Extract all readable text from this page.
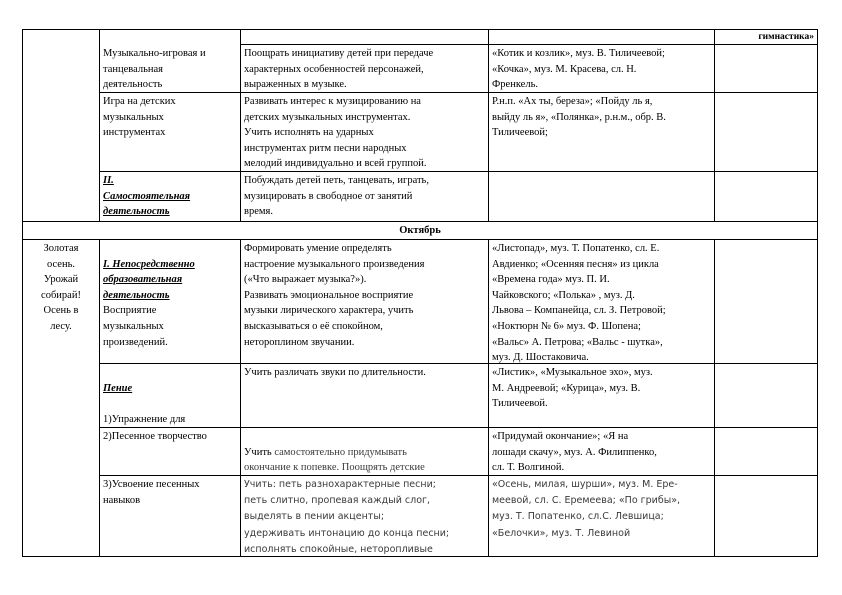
гимнастика»
Музыкально-игровая и
танцевальная
деятельность
Поощрать инициативу детей при передаче
характерных особенностей персонажей,
выраженных в музыке.
«Котик и козлик», муз. В. Тиличеевой;
«Кочка», муз. М. Красева, сл. Н.
Френкель.
Игра на детских
музыкальных
инструментах
Развивать интерес к музицированию на
детских музыкальных инструментах.
Учить исполнять на ударных
инструментах ритм песни народных
мелодий индивидуально и всей группой.
Р.н.п. «Ах ты, береза»; «Пойду ль я,
выйду ль я», «Полянка», р.н.м., обр. В.
Тиличеевой;
II.
Самостоятельная
деятельность
Побуждать детей петь, танцевать, играть,
музицировать в свободное от занятий
время.
Октябрь
Золотая
осень.
Урожай
собирай!
Осень в
лесу.

I. Непосредственно
образовательная
деятельность

Восприятие
музыкальных
произведений.

Формировать умение определять
настроение музыкального произведения
(«Что выражает музыка?»).
Развивать эмоциональное восприятие
музыки лирического характера, учить
высказываться о её спокойном,
нетороплином звучании.
«Листопад», муз. Т. Попатенко, сл. Е.
Авдиенко; «Осенняя песня» из цикла
«Времена года» муз. П. И.
Чайковского; «Полька» , муз. Д.
Львова – Компанейца, сл. З. Петровой;
«Ноктюрн № 6» муз. Ф. Шопена;
«Вальс» А. Петрова; «Вальс - шутка»,
муз. Д. Шостаковича.

Пение

1)Упражнение для

Учить различать звуки по длительности.	«Листик», «Музыкальное эхо», муз.
М. Андреевой; «Курица», муз. В.
Тиличеевой.
2)Песенное творчество

Учить самостоятельно придумывать
окончание к попевке. Поощрять детские

«Придумай окончание»; «Я на
лошади скачу», муз. А. Филиппенко,
сл. Т. Волгиной.
3)Усвоение песенных
навыков
Учить: петь разнохарактерные песни;
петь слитно, пропевая каждый слог,
выделять в пении акценты;
удерживать интонацию до конца песни;
исполнять спокойные, неторопливые
«Осень, милая, шурши», муз. М. Ере-
меевой, сл. С. Еремеева; «По грибы»,
муз. Т. Попатенко, сл.С. Левшица;
«Белочки», муз. Т. Левиной
